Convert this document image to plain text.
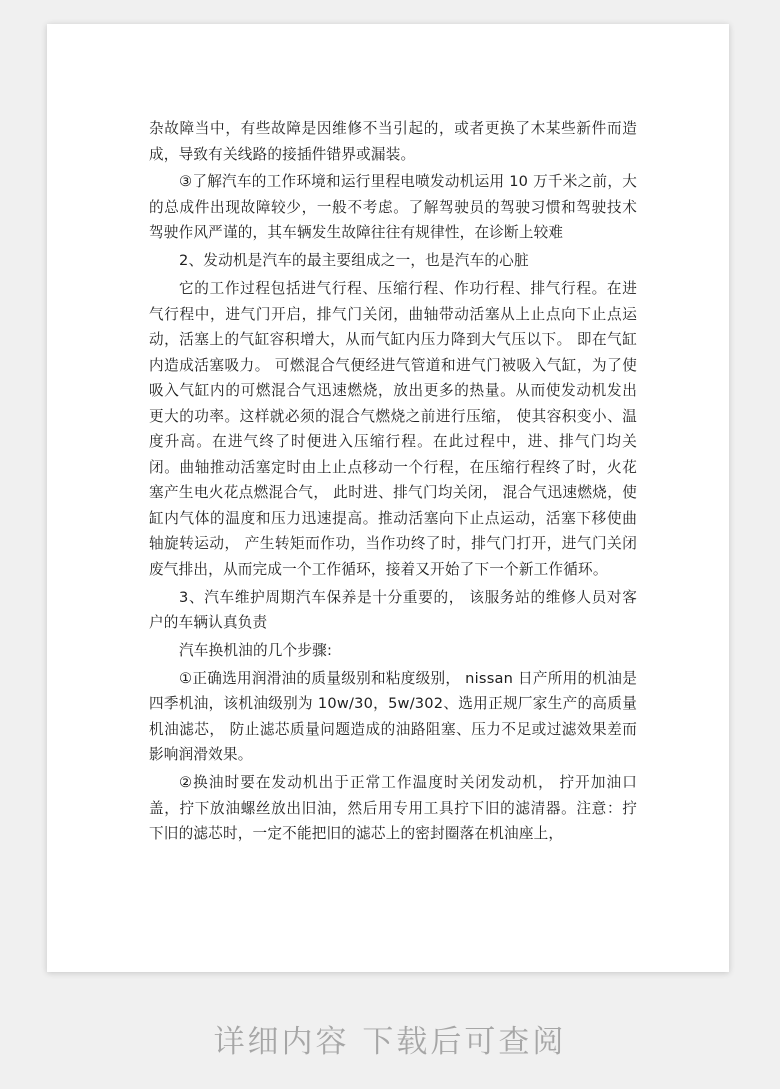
杂故障当中，有些故障是因维修不当引起的，或者更换了木某些新件而造成，导致有关线路的接插件错界或漏装。

③了解汽车的工作环境和运行里程电喷发动机运用 10 万千米之前，大的总成件出现故障较少，一般不考虑。了解驾驶员的驾驶习惯和驾驶技术驾驶作风严谨的，其车辆发生故障往往有规律性，在诊断上较难

2、发动机是汽车的最主要组成之一，也是汽车的心脏

它的工作过程包括进气行程、压缩行程、作功行程、排气行程。在进气行程中，进气门开启，排气门关闭，曲轴带动活塞从上止点向下止点运动，活塞上的气缸容积增大，从而气缸内压力降到大气压以下。 即在气缸内造成活塞吸力。 可燃混合气便经进气管道和进气门被吸入气缸，为了使吸入气缸内的可燃混合气迅速燃烧，放出更多的热量。从而使发动机发出更大的功率。这样就必须的混合气燃烧之前进行压缩， 使其容积变小、温度升高。在进气终了时便进入压缩行程。在此过程中，进、排气门均关闭。曲轴推动活塞定时由上止点移动一个行程，在压缩行程终了时，火花塞产生电火花点燃混合气， 此时进、排气门均关闭， 混合气迅速燃烧，使缸内气体的温度和压力迅速提高。推动活塞向下止点运动，活塞下移使曲轴旋转运动， 产生转矩而作功，当作功终了时，排气门打开，进气门关闭废气排出，从而完成一个工作循环，接着又开始了下一个新工作循环。

3、汽车维护周期汽车保养是十分重要的， 该服务站的维修人员对客户的车辆认真负责

汽车换机油的几个步骤:

①正确选用润滑油的质量级别和粘度级别， nissan 日产所用的机油是四季机油，该机油级别为 10w/30，5w/302、选用正规厂家生产的高质量机油滤芯， 防止滤芯质量问题造成的油路阻塞、压力不足或过滤效果差而影响润滑效果。

②换油时要在发动机出于正常工作温度时关闭发动机， 拧开加油口盖，拧下放油螺丝放出旧油，然后用专用工具拧下旧的滤清器。注意：拧下旧的滤芯时，一定不能把旧的滤芯上的密封圈落在机油座上，

详细内容 下载后可查阅
